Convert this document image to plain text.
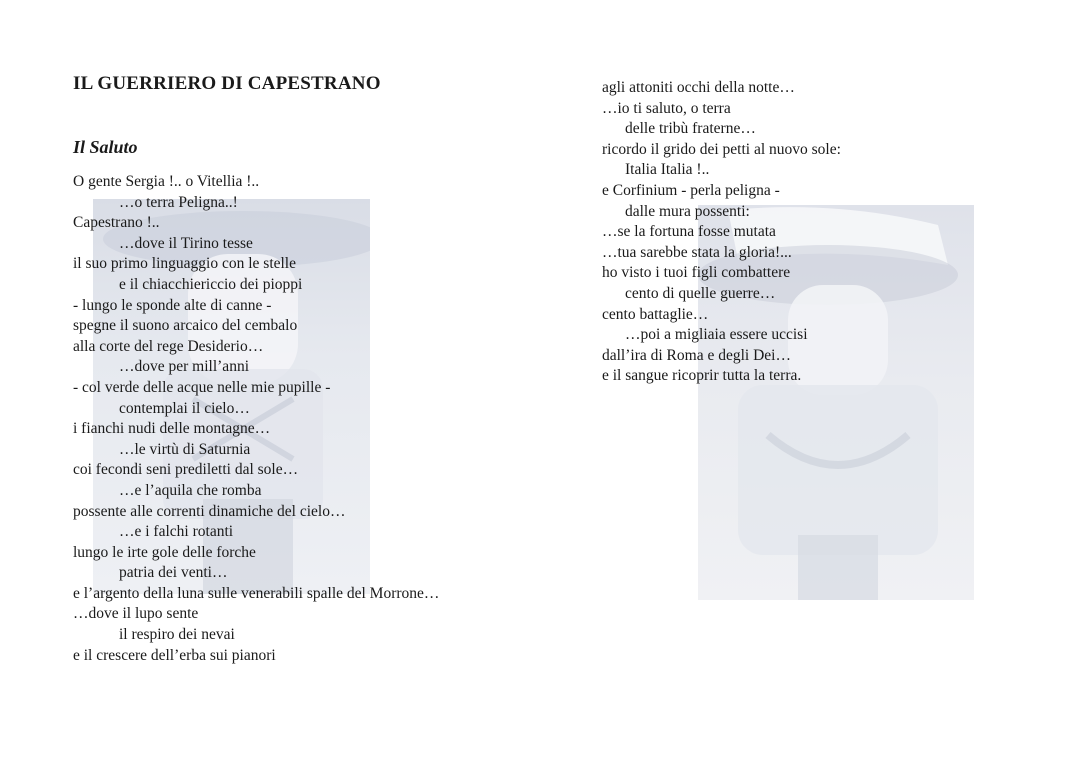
IL GUERRIERO DI CAPESTRANO
Il Saluto
O gente Sergia !.. o Vitellia !..
…o terra Peligna..!
Capestrano !..
…dove il Tirino tesse
il suo primo linguaggio con le stelle
e il chiacchiericcio dei pioppi
- lungo le sponde alte di canne -
spegne il suono arcaico del cembalo
alla corte del rege Desiderio…
…dove per mill’anni
- col verde delle acque nelle mie pupille -
contemplai il cielo…
i fianchi nudi delle montagne…
…le virtù di Saturnia
coi fecondi seni prediletti dal sole…
…e l’aquila che romba
possente alle correnti dinamiche del cielo…
…e i falchi rotanti
lungo le irte gole delle forche
patria dei venti…
e l’argento della luna sulle venerabili spalle del Morrone…
…dove il lupo sente
il respiro dei nevai
e il crescere dell’erba sui pianori
agli attoniti occhi della notte…
…io ti saluto, o terra
delle tribù fraterne…
ricordo il grido dei petti al nuovo sole:
Italia Italia !..
e Corfinium - perla peligna -
dalle mura possenti:
…se la fortuna fosse mutata
…tua sarebbe stata la gloria!...
ho visto i tuoi figli combattere
cento di quelle guerre…
cento battaglie…
…poi a migliaia essere uccisi
dall’ira di Roma e degli Dei…
e il sangue ricoprir tutta la terra.
